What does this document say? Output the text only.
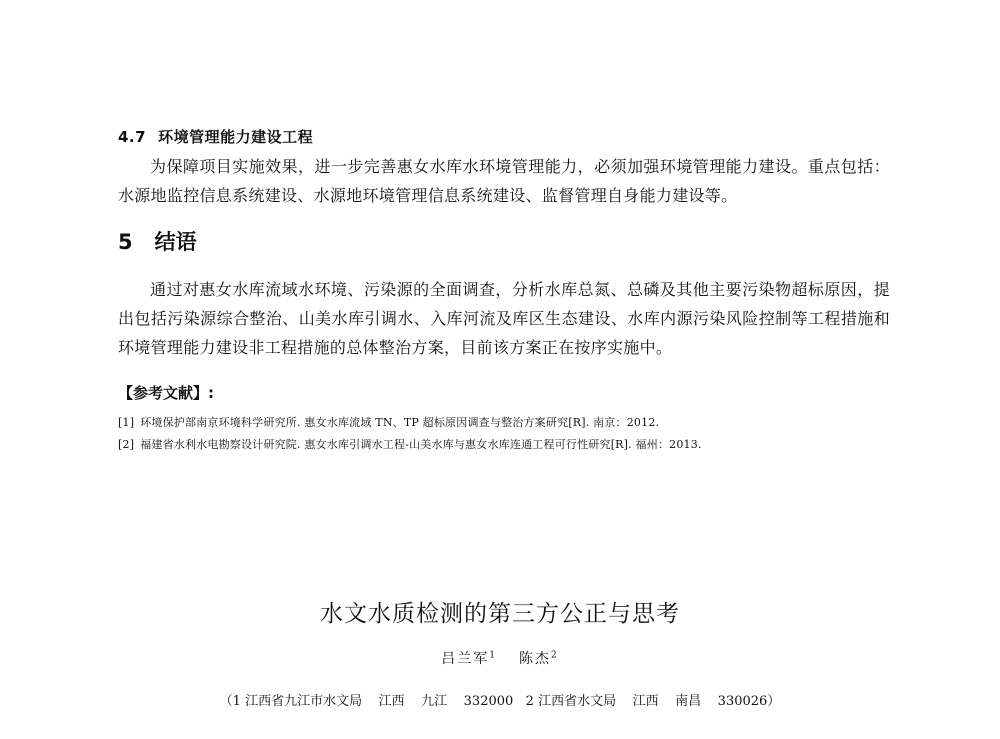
4.7 环境管理能力建设工程
为保障项目实施效果，进一步完善惠女水库水环境管理能力，必须加强环境管理能力建设。重点包括：水源地监控信息系统建设、水源地环境管理信息系统建设、监督管理自身能力建设等。
5 结语
通过对惠女水库流域水环境、污染源的全面调查，分析水库总氮、总磷及其他主要污染物超标原因，提出包括污染源综合整治、山美水库引调水、入库河流及库区生态建设、水库内源污染风险控制等工程措施和环境管理能力建设非工程措施的总体整治方案，目前该方案正在按序实施中。
【参考文献】:
[1] 环境保护部南京环境科学研究所. 惠女水库流域 TN、TP 超标原因调查与整治方案研究[R]. 南京：2012.
[2] 福建省水利水电勘察设计研究院. 惠女水库引调水工程-山美水库与惠女水库连通工程可行性研究[R]. 福州：2013.
水文水质检测的第三方公正与思考
吕兰军$^1$ 陈杰$^2$
（1 江西省九江市水文局    江西    九江    332000   2 江西省水文局    江西    南昌    330026）
